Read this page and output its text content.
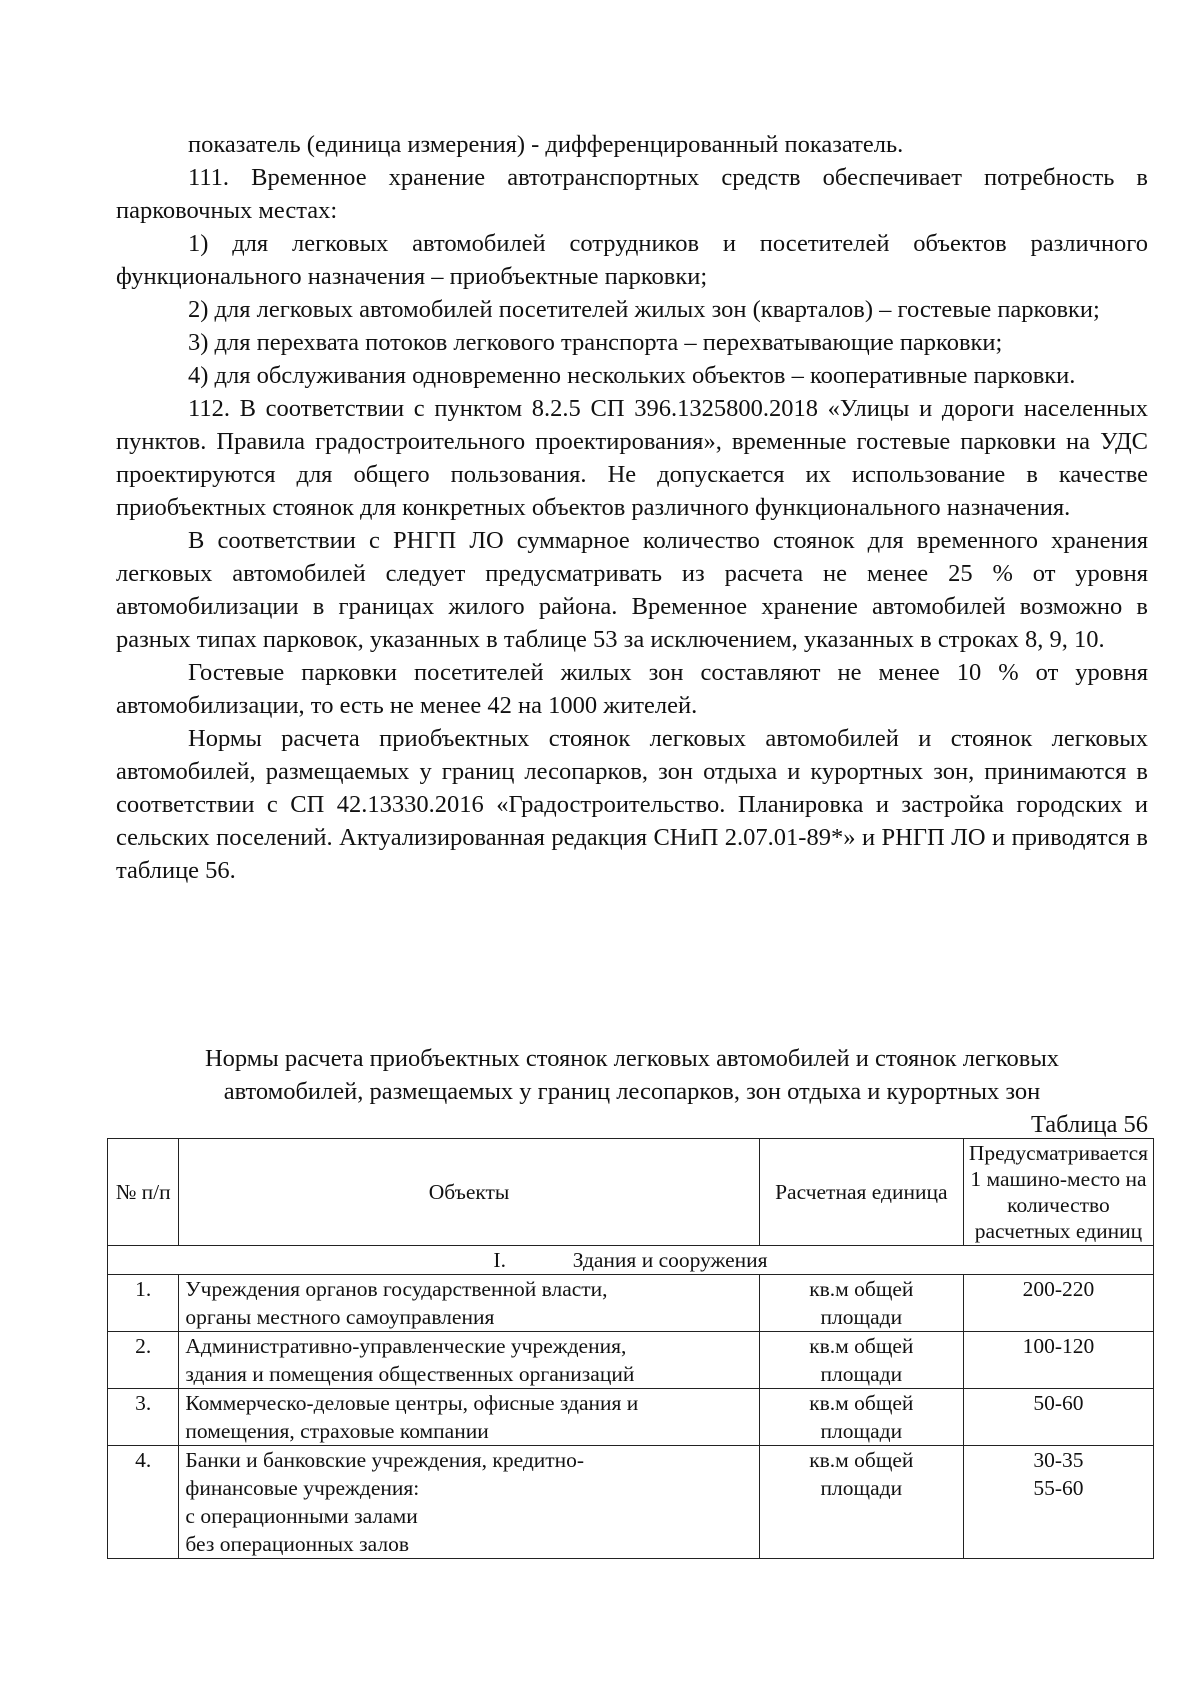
показатель (единица измерения) - дифференцированный показатель.

111. Временное хранение автотранспортных средств обеспечивает потребность в парковочных местах:

1) для легковых автомобилей сотрудников и посетителей объектов различного функционального назначения – приобъектные парковки;

2) для легковых автомобилей посетителей жилых зон (кварталов) – гостевые парковки;

3) для перехвата потоков легкового транспорта – перехватывающие парковки;

4) для обслуживания одновременно нескольких объектов – кооперативные парковки.

112. В соответствии с пунктом 8.2.5 СП 396.1325800.2018 «Улицы и дороги населенных пунктов. Правила градостроительного проектирования», временные гостевые парковки на УДС проектируются для общего пользования. Не допускается их использование в качестве приобъектных стоянок для конкретных объектов различного функционального назначения.

В соответствии с РНГП ЛО суммарное количество стоянок для временного хранения легковых автомобилей следует предусматривать из расчета не менее 25 % от уровня автомобилизации в границах жилого района. Временное хранение автомобилей возможно в разных типах парковок, указанных в таблице 53 за исключением, указанных в строках 8, 9, 10.

Гостевые парковки посетителей жилых зон составляют не менее 10 % от уровня автомобилизации, то есть не менее 42 на 1000 жителей.

Нормы расчета приобъектных стоянок легковых автомобилей и стоянок легковых автомобилей, размещаемых у границ лесопарков, зон отдыха и курортных зон, принимаются в соответствии с СП 42.13330.2016 «Градостроительство. Планировка и застройка городских и сельских поселений. Актуализированная редакция СНиП 2.07.01-89*» и РНГП ЛО и приводятся в таблице 56.

Нормы расчета приобъектных стоянок легковых автомобилей и стоянок легковых
автомобилей, размещаемых у границ лесопарков, зон отдыха и курортных зон
Таблица 56
№ п/п	Объекты	Расчетная единица	Предусматривается 1 машино-место на количество расчетных единиц
I. Здания и сооружения			
1.	Учреждения органов государственной власти,
органы местного самоуправления	кв.м общей
площади	200-220

2.	Административно-управленческие учреждения,
здания и помещения общественных организаций	кв.м общей
площади	100-120

3.	Коммерческо-деловые центры, офисные здания и
помещения, страховые компании	кв.м общей
площади	50-60

4.	Банки и банковские учреждения, кредитно-
финансовые учреждения:
с операционными залами
без операционных залов	кв.м общей
площади	30-35
55-60
